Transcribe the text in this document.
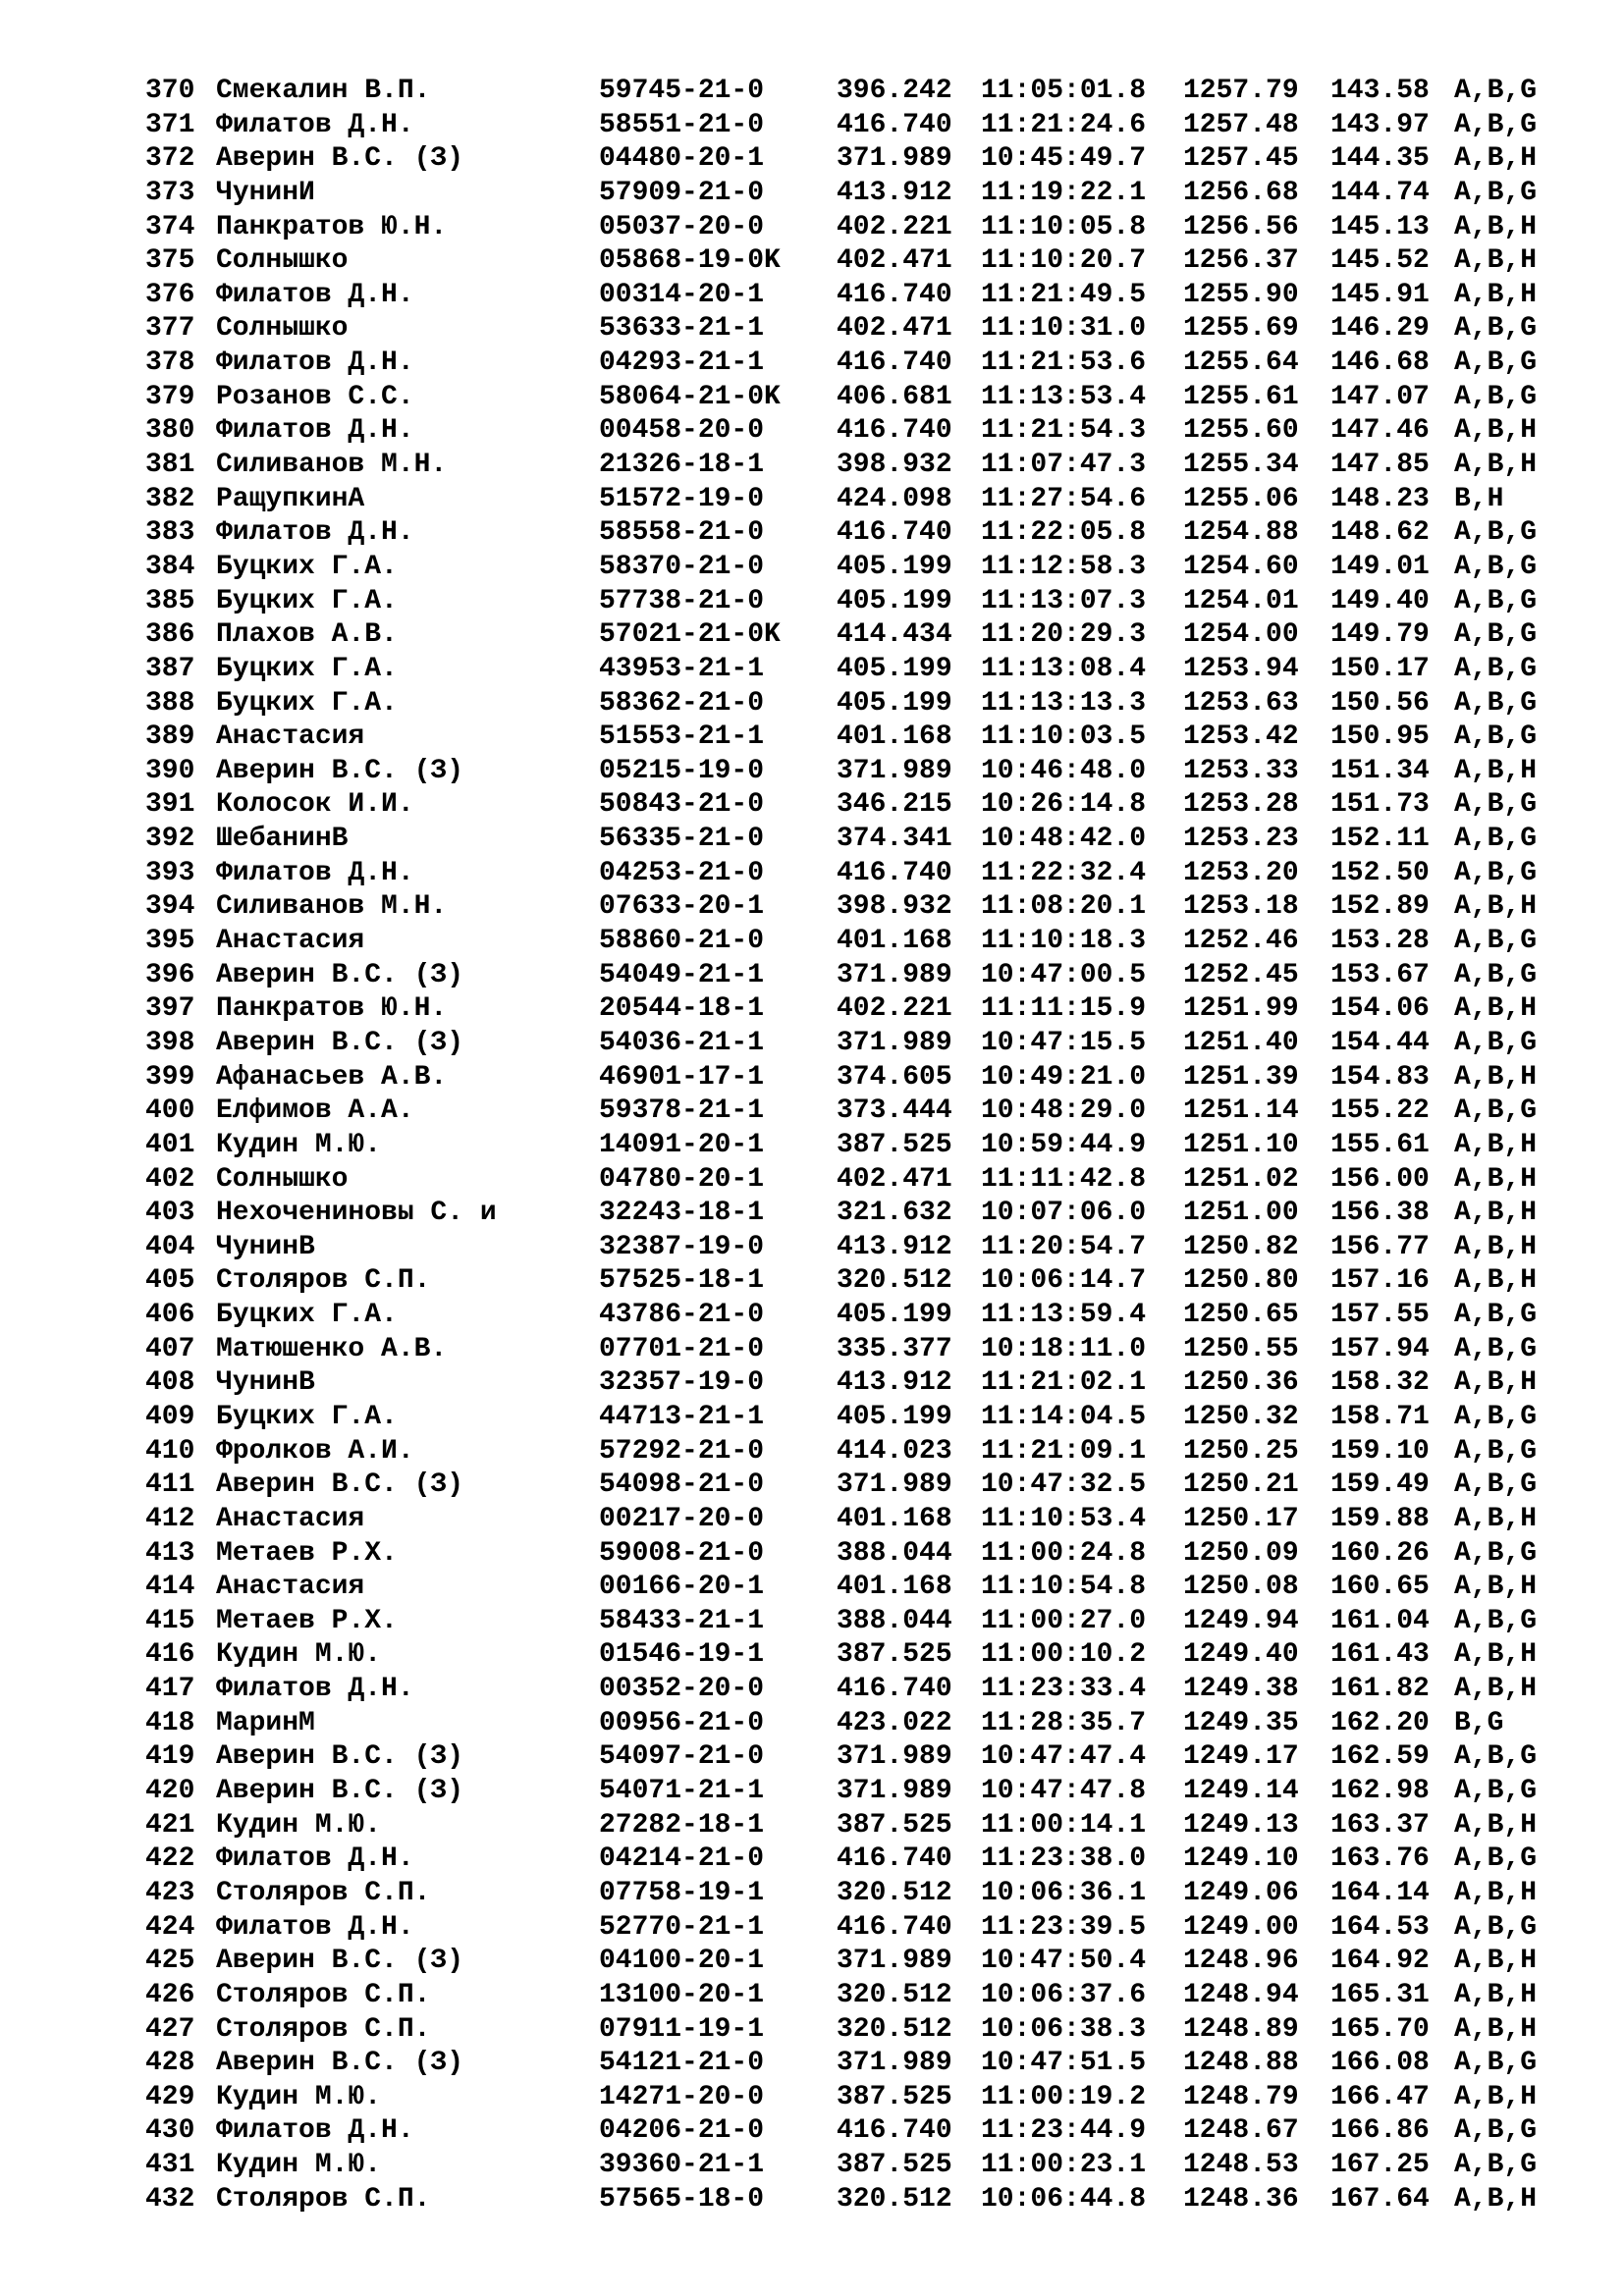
370 Смекалин В.П.	59745-21-0	396.242 11:05:01.8 1257.79 143.58 A,B,G
371 Филатов Д.Н.	58551-21-0	416.740 11:21:24.6 1257.48 143.97 A,B,G
372 Аверин В.С. (З)	04480-20-1	371.989 10:45:49.7 1257.45 144.35 A,B,H
373 ЧунинИ	57909-21-0	413.912 11:19:22.1 1256.68 144.74 A,B,G
374 Панкратов Ю.Н.	05037-20-0	402.221 11:10:05.8 1256.56 145.13 A,B,H
375 Солнышко	05868-19-0K 402.471 11:10:20.7 1256.37 145.52 A,B,H
376 Филатов Д.Н.	00314-20-1	416.740 11:21:49.5 1255.90 145.91 A,B,H
377 Солнышко	53633-21-1	402.471 11:10:31.0 1255.69 146.29 A,B,G
378 Филатов Д.Н.	04293-21-1	416.740 11:21:53.6 1255.64 146.68 A,B,G
379 Розанов С.С.	58064-21-0K 406.681 11:13:53.4 1255.61 147.07 A,B,G
380 Филатов Д.Н.	00458-20-0	416.740 11:21:54.3 1255.60 147.46 A,B,H
381 Силиванов М.Н.	21326-18-1	398.932 11:07:47.3 1255.34 147.85 A,B,H
382 РащупкинА	51572-19-0	424.098 11:27:54.6 1255.06 148.23 B,H
383 Филатов Д.Н.	58558-21-0	416.740 11:22:05.8 1254.88 148.62 A,B,G
384 Буцких Г.А.	58370-21-0	405.199 11:12:58.3 1254.60 149.01 A,B,G
385 Буцких Г.А.	57738-21-0	405.199 11:13:07.3 1254.01 149.40 A,B,G
386 Плахов А.В.	57021-21-0K 414.434 11:20:29.3 1254.00 149.79 A,B,G
387 Буцких Г.А.	43953-21-1	405.199 11:13:08.4 1253.94 150.17 A,B,G
388 Буцких Г.А.	58362-21-0	405.199 11:13:13.3 1253.63 150.56 A,B,G
389 Анастасия	51553-21-1	401.168 11:10:03.5 1253.42 150.95 A,B,G
390 Аверин В.С. (З)	05215-19-0	371.989 10:46:48.0 1253.33 151.34 A,B,H
391 Колосок И.И.	50843-21-0	346.215 10:26:14.8 1253.28 151.73 A,B,G
392 ШебанинВ	56335-21-0	374.341 10:48:42.0 1253.23 152.11 A,B,G
393 Филатов Д.Н.	04253-21-0	416.740 11:22:32.4 1253.20 152.50 A,B,G
394 Силиванов М.Н.	07633-20-1	398.932 11:08:20.1 1253.18 152.89 A,B,H
395 Анастасия	58860-21-0	401.168 11:10:18.3 1252.46 153.28 A,B,G
396 Аверин В.С. (З)	54049-21-1	371.989 10:47:00.5 1252.45 153.67 A,B,G
397 Панкратов Ю.Н.	20544-18-1	402.221 11:11:15.9 1251.99 154.06 A,B,H
398 Аверин В.С. (З)	54036-21-1	371.989 10:47:15.5 1251.40 154.44 A,B,G
399 Афанасьев А.В.	46901-17-1	374.605 10:49:21.0 1251.39 154.83 A,B,H
400 Елфимов А.А.	59378-21-1	373.444 10:48:29.0 1251.14 155.22 A,B,G
401 Кудин М.Ю.	14091-20-1	387.525 10:59:44.9 1251.10 155.61 A,B,H
402 Солнышко	04780-20-1	402.471 11:11:42.8 1251.02 156.00 A,B,H
403 Нехочениновы С. и	32243-18-1	321.632 10:07:06.0 1251.00 156.38 A,B,H
404 ЧунинВ	32387-19-0	413.912 11:20:54.7 1250.82 156.77 A,B,H
405 Столяров С.П.	57525-18-1	320.512 10:06:14.7 1250.80 157.16 A,B,H
406 Буцких Г.А.	43786-21-0	405.199 11:13:59.4 1250.65 157.55 A,B,G
407 Матюшенко А.В.	07701-21-0	335.377 10:18:11.0 1250.55 157.94 A,B,G
408 ЧунинВ	32357-19-0	413.912 11:21:02.1 1250.36 158.32 A,B,H
409 Буцких Г.А.	44713-21-1	405.199 11:14:04.5 1250.32 158.71 A,B,G
410 Фролков А.И.	57292-21-0	414.023 11:21:09.1 1250.25 159.10 A,B,G
411 Аверин В.С. (З)	54098-21-0	371.989 10:47:32.5 1250.21 159.49 A,B,G
412 Анастасия	00217-20-0	401.168 11:10:53.4 1250.17 159.88 A,B,H
413 Метаев Р.Х.	59008-21-0	388.044 11:00:24.8 1250.09 160.26 A,B,G
414 Анастасия	00166-20-1	401.168 11:10:54.8 1250.08 160.65 A,B,H
415 Метаев Р.Х.	58433-21-1	388.044 11:00:27.0 1249.94 161.04 A,B,G
416 Кудин М.Ю.	01546-19-1	387.525 11:00:10.2 1249.40 161.43 A,B,H
417 Филатов Д.Н.	00352-20-0	416.740 11:23:33.4 1249.38 161.82 A,B,H
418 МаринМ	00956-21-0	423.022 11:28:35.7 1249.35 162.20 B,G
419 Аверин В.С. (З)	54097-21-0	371.989 10:47:47.4 1249.17 162.59 A,B,G
420 Аверин В.С. (З)	54071-21-1	371.989 10:47:47.8 1249.14 162.98 A,B,G
421 Кудин М.Ю.	27282-18-1	387.525 11:00:14.1 1249.13 163.37 A,B,H
422 Филатов Д.Н.	04214-21-0	416.740 11:23:38.0 1249.10 163.76 A,B,G
423 Столяров С.П.	07758-19-1	320.512 10:06:36.1 1249.06 164.14 A,B,H
424 Филатов Д.Н.	52770-21-1	416.740 11:23:39.5 1249.00 164.53 A,B,G
425 Аверин В.С. (З)	04100-20-1	371.989 10:47:50.4 1248.96 164.92 A,B,H
426 Столяров С.П.	13100-20-1	320.512 10:06:37.6 1248.94 165.31 A,B,H
427 Столяров С.П.	07911-19-1	320.512 10:06:38.3 1248.89 165.70 A,B,H
428 Аверин В.С. (З)	54121-21-0	371.989 10:47:51.5 1248.88 166.08 A,B,G
429 Кудин М.Ю.	14271-20-0	387.525 11:00:19.2 1248.79 166.47 A,B,H
430 Филатов Д.Н.	04206-21-0	416.740 11:23:44.9 1248.67 166.86 A,B,G
431 Кудин М.Ю.	39360-21-1	387.525 11:00:23.1 1248.53 167.25 A,B,G
432 Столяров С.П.	57565-18-0	320.512 10:06:44.8 1248.36 167.64 A,B,H
